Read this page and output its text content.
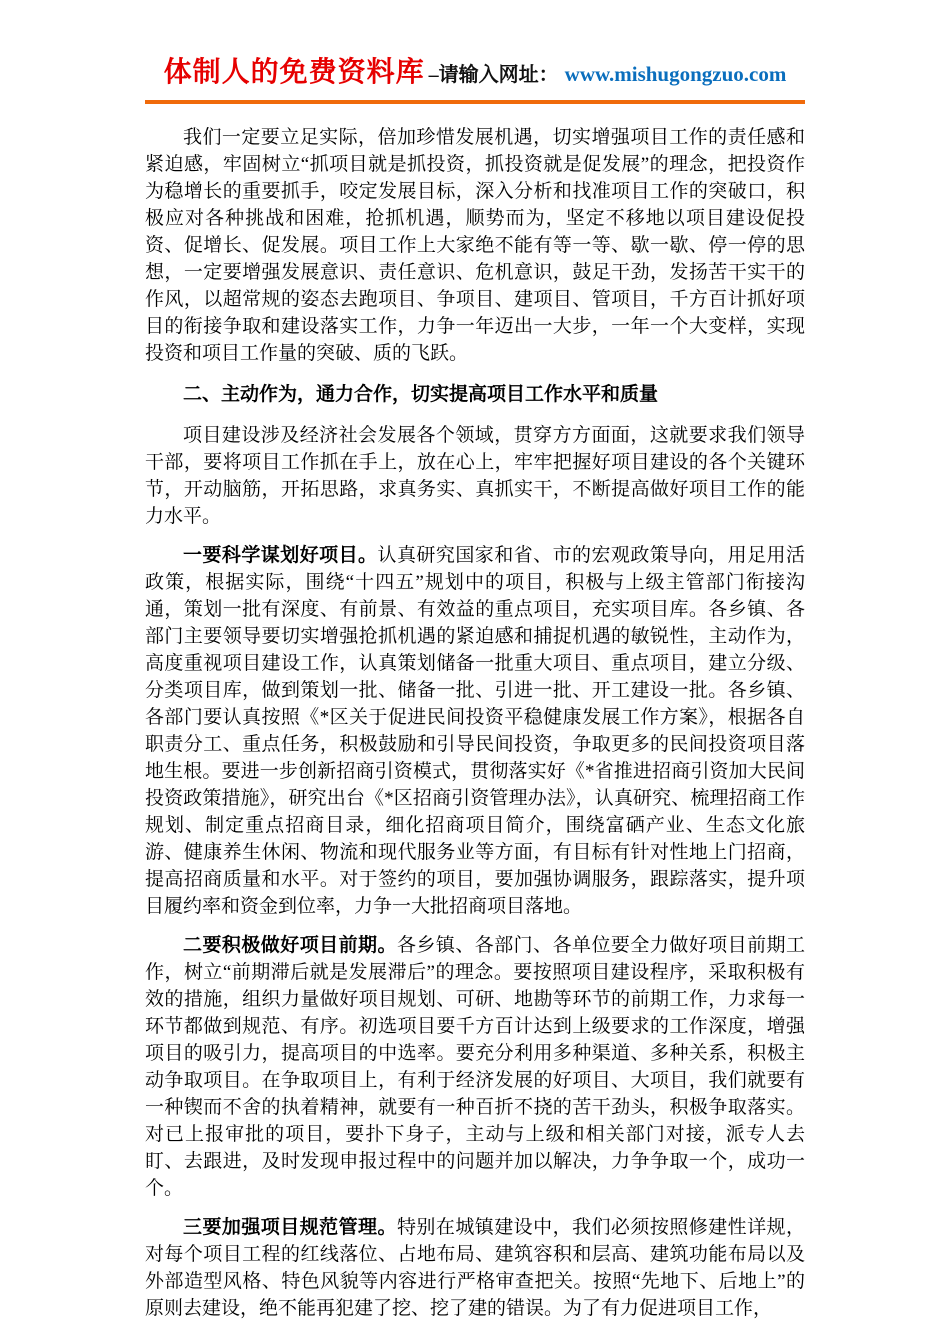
体制人的免费资料库 –请输入网址： www.mishugongzuo.com

我们一定要立足实际，倍加珍惜发展机遇，切实增强项目工作的责任感和紧迫感，牢固树立“抓项目就是抓投资，抓投资就是促发展”的理念，把投资作为稳增长的重要抓手，咬定发展目标，深入分析和找准项目工作的突破口，积极应对各种挑战和困难，抢抓机遇，顺势而为，坚定不移地以项目建设促投资、促增长、促发展。项目工作上大家绝不能有等一等、歇一歇、停一停的思想，一定要增强发展意识、责任意识、危机意识，鼓足干劲，发扬苦干实干的作风，以超常规的姿态去跑项目、争项目、建项目、管项目，千方百计抓好项目的衔接争取和建设落实工作，力争一年迈出一大步，一年一个大变样，实现投资和项目工作量的突破、质的飞跃。

二、主动作为，通力合作，切实提高项目工作水平和质量

项目建设涉及经济社会发展各个领域，贯穿方方面面，这就要求我们领导干部，要将项目工作抓在手上，放在心上，牢牢把握好项目建设的各个关键环节，开动脑筋，开拓思路，求真务实、真抓实干，不断提高做好项目工作的能力水平。

一要科学谋划好项目。认真研究国家和省、市的宏观政策导向，用足用活政策，根据实际，围绕“十四五”规划中的项目，积极与上级主管部门衔接沟通，策划一批有深度、有前景、有效益的重点项目，充实项目库。各乡镇、各部门主要领导要切实增强抢抓机遇的紧迫感和捕捉机遇的敏锐性，主动作为，高度重视项目建设工作，认真策划储备一批重大项目、重点项目，建立分级、分类项目库，做到策划一批、储备一批、引进一批、开工建设一批。各乡镇、各部门要认真按照《*区关于促进民间投资平稳健康发展工作方案》，根据各自职责分工、重点任务，积极鼓励和引导民间投资，争取更多的民间投资项目落地生根。要进一步创新招商引资模式，贯彻落实好《*省推进招商引资加大民间投资政策措施》，研究出台《*区招商引资管理办法》，认真研究、梳理招商工作规划、制定重点招商目录，细化招商项目简介，围绕富硒产业、生态文化旅游、健康养生休闲、物流和现代服务业等方面，有目标有针对性地上门招商，提高招商质量和水平。对于签约的项目，要加强协调服务，跟踪落实，提升项目履约率和资金到位率，力争一大批招商项目落地。

二要积极做好项目前期。各乡镇、各部门、各单位要全力做好项目前期工作，树立“前期滞后就是发展滞后”的理念。要按照项目建设程序，采取积极有效的措施，组织力量做好项目规划、可研、地勘等环节的前期工作，力求每一环节都做到规范、有序。初选项目要千方百计达到上级要求的工作深度，增强项目的吸引力，提高项目的中选率。要充分利用多种渠道、多种关系，积极主动争取项目。在争取项目上，有利于经济发展的好项目、大项目，我们就要有一种锲而不舍的执着精神，就要有一种百折不挠的苦干劲头，积极争取落实。对已上报审批的项目，要扑下身子，主动与上级和相关部门对接，派专人去盯、去跟进，及时发现申报过程中的问题并加以解决，力争争取一个，成功一个。

三要加强项目规范管理。特别在城镇建设中，我们必须按照修建性详规，对每个项目工程的红线落位、占地布局、建筑容积和层高、建筑功能布局以及外部造型风格、特色风貌等内容进行严格审查把关。按照“先地下、后地上”的原则去建设，绝不能再犯建了挖、挖了建的错误。为了有力促进项目工作，
